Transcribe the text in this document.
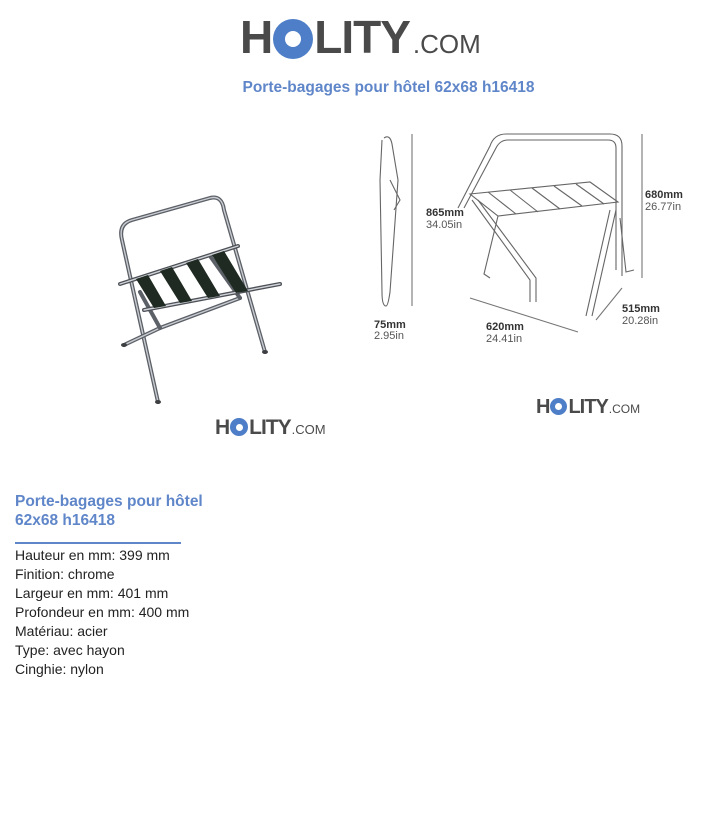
H LITY .COM
Porte-bagages pour hôtel 62x68 h16418
H LITY .COM
865mm
34.05in
680mm
26.77in
75mm
2.95in
620mm
24.41in
515mm
20.28in
H LITY .COM
Porte-bagages pour hôtel 62x68 h16418
Hauteur en mm: 399 mm
Finition: chrome
Largeur en mm: 401 mm
Profondeur en mm: 400 mm
Matériau: acier
Type: avec hayon
Cinghie: nylon
